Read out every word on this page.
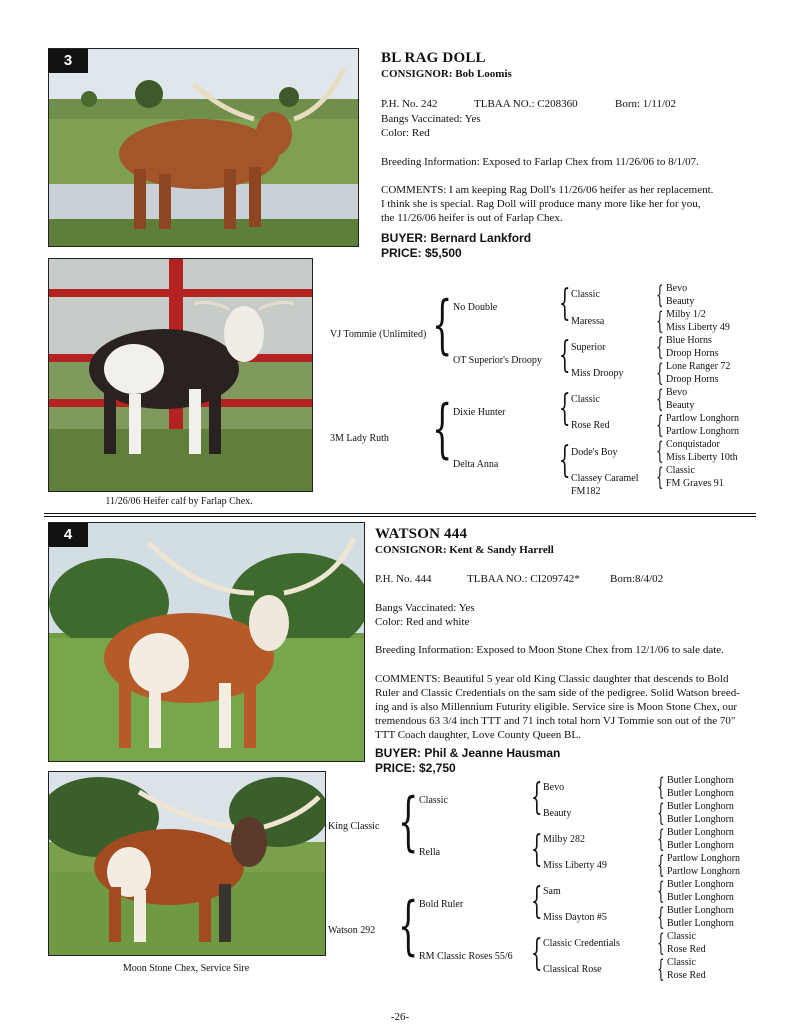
3	BL RAG DOLL
CONSIGNOR: Bob Loomis
P.H. No. 242	TLBAA NO.: C208360	Born: 1/11/02
Bangs Vaccinated: Yes
Color: Red
Breeding Information: Exposed to Farlap Chex from 11/26/06 to 8/1/07.
COMMENTS: I am keeping Rag Doll's 11/26/06 heifer as her replacement.
I think she is special. Rag Doll will produce many more like her for you,
the 11/26/06 heifer is out of Farlap Chex.
BUYER: Bernard Lankford
PRICE: $5,500
11/26/06 Heifer calf by Farlap Chex.
VJ Tommie (Unlimited)
3M Lady Ruth
{
{
No Double
OT Superior's Droopy
Dixie Hunter
Delta Anna
{
{
{
{
Classic
Maressa
Superior
Miss Droopy
Classic
Rose Red
Dode's Boy
Classey Caramel
FM182
{
{
{
{
{
{
{
{
Bevo
Beauty
Milby 1/2
Miss Liberty 49
Blue Horns
Droop Horns
Lone Ranger 72
Droop Horns
Bevo
Beauty
Partlow Longhorn
Partlow Longhorn
Conquistador
Miss Liberty 10th
Classic
FM Graves 91
4	WATSON 444
CONSIGNOR: Kent & Sandy Harrell
P.H. No. 444	TLBAA NO.: CI209742*	Born:8/4/02
Bangs Vaccinated: Yes
Color: Red and white
Breeding Information: Exposed to Moon Stone Chex from 12/1/06 to sale date.
COMMENTS: Beautiful 5 year old King Classic daughter that descends to Bold
Ruler and Classic Credentials on the sam side of the pedigree. Solid Watson breed-
ing and is also Millennium Futurity eligible. Service sire is Moon Stone Chex, our
tremendous 63 3/4 inch TTT and 71 inch total horn VJ Tommie son out of the 70"
TTT Coach daughter, Love County Queen BL.
BUYER: Phil & Jeanne Hausman
PRICE: $2,750
Moon Stone Chex, Service Sire
King Classic
Watson 292
{
{
Classic
Rella
Bold Ruler
RM Classic Roses 55/6
{
{
{
{
Bevo
Beauty
Milby 282
Miss Liberty 49
Sam
Miss Dayton #5
Classic Credentials
Classical Rose
{
{
{
{
{
{
{
{
Butler Longhorn
Butler Longhorn
Butler Longhorn
Butler Longhorn
Butler Longhorn
Butler Longhorn
Partlow Longhorn
Partlow Longhorn
Butler Longhorn
Butler Longhorn
Butler Longhorn
Butler Longhorn
Classic
Rose Red
Classic
Rose Red
-26-
